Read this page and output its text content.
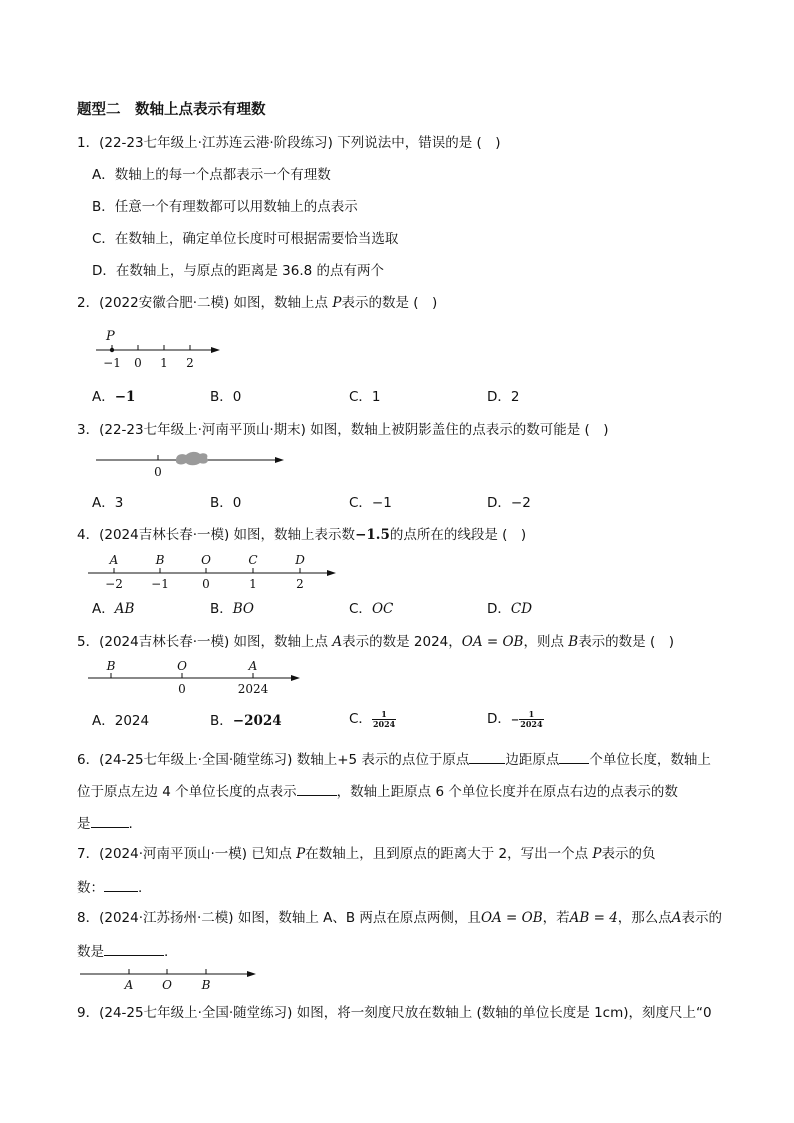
题型二　数轴上点表示有理数
1．(22-23七年级上·江苏连云港·阶段练习) 下列说法中，错误的是 (　)
A．数轴上的每一个点都表示一个有理数
B．任意一个有理数都可以用数轴上的点表示
C．在数轴上，确定单位长度时可根据需要恰当选取
D．在数轴上，与原点的距离是 36.8 的点有两个
2．(2022安徽合肥·二模) 如图，数轴上点 P表示的数是 (　)
P
−1 0 1 2
A．−1	B．0	C．1	D．2
3．(22-23七年级上·河南平顶山·期末) 如图，数轴上被阴影盖住的点表示的数可能是 (　)
0
A．3	B．0	C．−1	D．−2
4．(2024吉林长春·一模) 如图，数轴上表示数−1.5的点所在的线段是 (　)
A	B	O	C	D
−2 −1	0	1	2
A．AB	B．BO	C．OC	D．CD
5．(2024吉林长春·一模) 如图，数轴上点 A表示的数是 2024，OA = OB，则点 B表示的数是 (　)
B	O	A
0	2024
A．2024	B．−2024	C． $\frac{1}{2024}$	D．− $\frac{1}{2024}$
6．(24-25七年级上·全国·随堂练习) 数轴上+5 表示的点位于原点	边距原点 个单位长度，数轴上
位于原点左边 4 个单位长度的点表示	，数轴上距原点 6 个单位长度并在原点右边的点表示的数
是	.
7．(2024·河南平顶山·一模) 已知点 P在数轴上，且到原点的距离大于 2，写出一个点 P表示的负
数：	.
8．(2024·江苏扬州·二模) 如图，数轴上 A、B 两点在原点两侧，且OA = OB，若AB = 4，那么点A表示的
数是	.
A O B
9．(24-25七年级上·全国·随堂练习) 如图，将一刻度尺放在数轴上 (数轴的单位长度是 1cm)，刻度尺上“0
